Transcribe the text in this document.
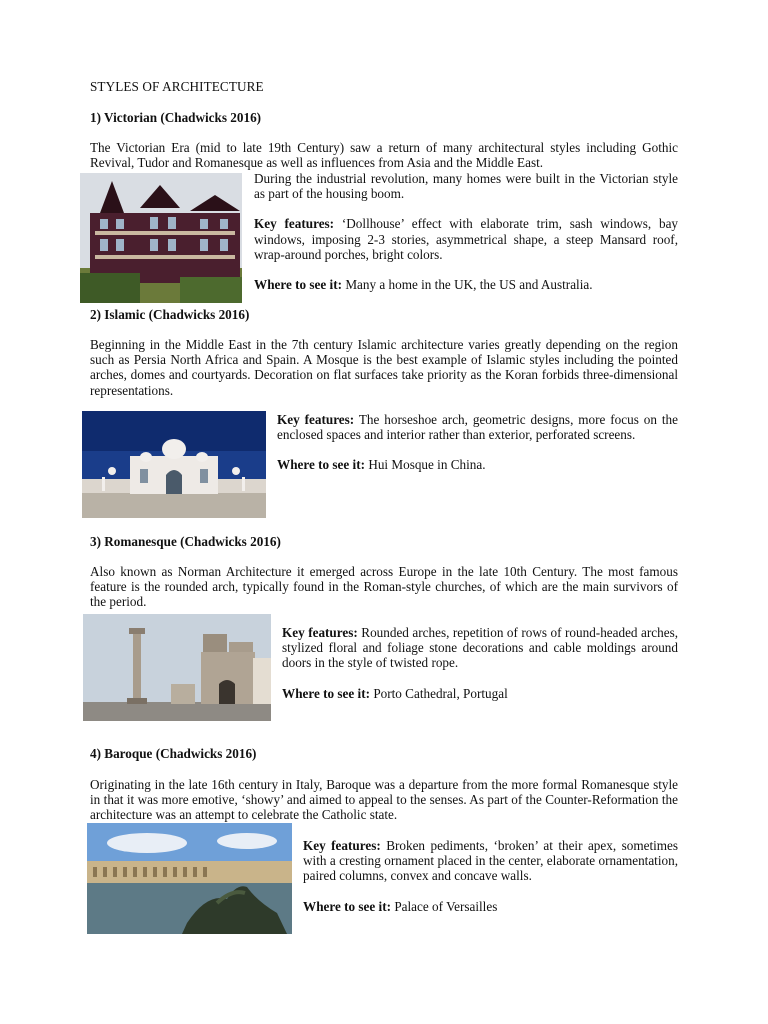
STYLES OF ARCHITECTURE
1) Victorian (Chadwicks 2016)

The Victorian Era (mid to late 19th Century) saw a return of many architectural styles including Gothic Revival, Tudor and Romanesque as well as influences from Asia and the Middle East.

During the industrial revolution, many homes were built in the Victorian style as part of the housing boom.

Key features: ‘Dollhouse’ effect with elaborate trim, sash windows, bay windows, imposing 2-3 stories, asymmetrical shape, a steep Mansard roof, wrap-around porches, bright colors.

Where to see it: Many a home in the UK, the US and Australia.

2) Islamic (Chadwicks 2016)

Beginning in the Middle East in the 7th century Islamic architecture varies greatly depending on the region such as Persia North Africa and Spain. A Mosque is the best example of Islamic styles including the pointed arches, domes and courtyards. Decoration on flat surfaces take priority as the Koran forbids three-dimensional representations.

Key features: The horseshoe arch, geometric designs, more focus on the enclosed spaces and interior rather than exterior, perforated screens.

Where to see it: Hui Mosque in China.

3) Romanesque (Chadwicks 2016)

Also known as Norman Architecture it emerged across Europe in the late 10th Century. The most famous feature is the rounded arch, typically found in the Roman-style churches, of which are the main survivors of the period.

Key features: Rounded arches, repetition of rows of round-headed arches, stylized floral and foliage stone decorations and cable moldings around doors in the style of twisted rope.

Where to see it: Porto Cathedral, Portugal

4) Baroque (Chadwicks 2016)

Originating in the late 16th century in Italy, Baroque was a departure from the more formal Romanesque style in that it was more emotive, ‘showy’ and aimed to appeal to the senses. As part of the Counter-Reformation the architecture was an attempt to celebrate the Catholic state.

Key features: Broken pediments, ‘broken’ at their apex, sometimes with a cresting ornament placed in the center, elaborate ornamentation, paired columns, convex and concave walls.

Where to see it: Palace of Versailles
